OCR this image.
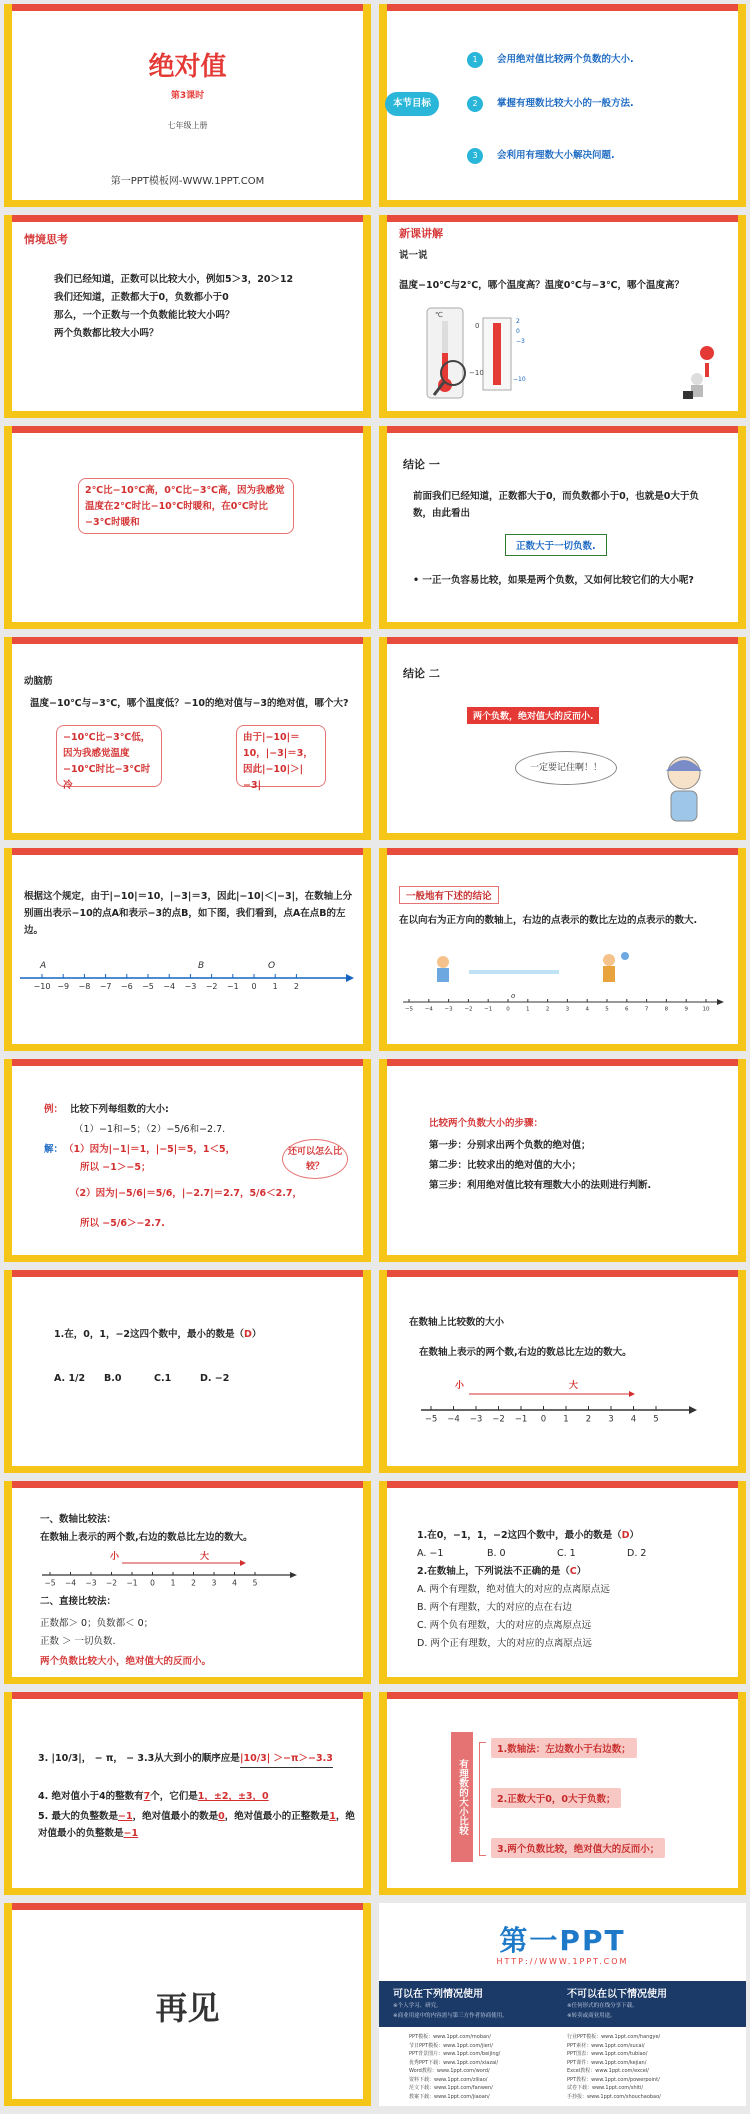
绝对值
第3课时
七年级上册
第一PPT模板网-WWW.1PPT.COM
本节目标
1	会用绝对值比较两个负数的大小.
2	掌握有理数比较大小的一般方法.
3	会利用有理数大小解决问题.
情境思考
我们已经知道，正数可以比较大小，例如5＞3，20＞12
我们还知道，正数都大于0，负数都小于0
那么，一个正数与一个负数能比较大小吗？
两个负数都比较大小吗？
新课讲解
说一说
温度−10℃与2℃，哪个温度高？温度0℃与−3℃，哪个温度高？
℃
0
−10
2
0
−3
−10
2℃比−10℃高，0℃比−3℃高，因为我感觉温度在2℃时比−10℃时暖和，在0℃时比−3℃时暖和
结论 一
前面我们已经知道，正数都大于0，而负数都小于0，也就是0大于负数，由此看出
正数大于一切负数.
• 一正一负容易比较，如果是两个负数，又如何比较它们的大小呢?
动脑筋
温度−10℃与−3℃，哪个温度低？−10的绝对值与−3的绝对值，哪个大?
−10℃比−3℃低，因为我感觉温度−10℃时比−3℃时冷
由于|−10|＝10，|−3|＝3，因此|−10|＞|−3|
结论 二
两个负数，绝对值大的反而小.
一定要记住啊！！
根据这个规定，由于|−10|＝10，|−3|＝3，因此|−10|＜|−3|，在数轴上分别画出表示−10的点A和表示−3的点B，如下图，我们看到，点A在点B的左边。
−10 −9 −8 −7 −6 −5 −4 −3 −2 −1 0 1 2
A	B	O
一般地有下述的结论
在以向右为正方向的数轴上，右边的点表示的数比左边的点表示的数大.
−5 −4 −3 −2 −1	0	1	2	3	4	5	6	7	8	9	10
o
例： 比较下列每组数的大小:
（1）−1和−5；（2）−5/6和−2.7.
解： （1）因为|−1|＝1，|−5|＝5，1＜5，
所以 −1＞−5；
（2）因为|−5/6|＝5/6，|−2.7|＝2.7，5/6＜2.7，
所以 −5/6＞−2.7.
还可以怎么比较？
比较两个负数大小的步骤：
第一步：分别求出两个负数的绝对值；
第二步：比较求出的绝对值的大小；
第三步：利用绝对值比较有理数大小的法则进行判断.
1.在，0，1，−2这四个数中，最小的数是（D）
A. 1/2 B.0	C.1	D. −2
在数轴上比较数的大小
在数轴上表示的两个数,右边的数总比左边的数大。
小	大
−5 −4 −3 −2 −1 0 1 2 3 4 5
一、数轴比较法：
在数轴上表示的两个数,右边的数总比左边的数大。
小	大
−5 −4 −3 −2 −1 0 1 2 3 4 5
二、直接比较法：
正数都＞ 0；负数都＜ 0；
正数 ＞ 一切负数.
两个负数比较大小，绝对值大的反而小。
1.在0，−1，1，−2这四个数中，最小的数是（D）
A. −1	B. 0	C. 1	D. 2
2.在数轴上，下列说法不正确的是（C）
A. 两个有理数，绝对值大的对应的点离原点远
B. 两个有理数，大的对应的点在右边
C. 两个负有理数，大的对应的点离原点远
D. 两个正有理数，大的对应的点离原点远
3. |10/3|， − π， − 3.3从大到小的顺序应是 |10/3| ＞−π＞−3.3
4. 绝对值小于4的整数有7个，它们是1，±2，±3，0
5. 最大的负整数是−1，绝对值最小的数是0，绝对值最小的正整数是1，绝对值最小的负整数是−1	有理数的大小比较
1.数轴法：左边数小于右边数；
2.正数大于0，0大于负数；
3.两个负数比较，绝对值大的反而小；
再见
第一PPT
HTTP://WWW.1PPT.COM
可以在下列情况使用	不可以在以下情况使用
※个人学习、研究。
※商业用途中的内容需与第三方作者协商使用。
※任何形式的在线分享下载。
※转卖或商业用途。
PPT模板：www.1ppt.com/moban/
节日PPT模板：www.1ppt.com/jieri/
PPT背景图片：www.1ppt.com/beijing/
优秀PPT下载：www.1ppt.com/xiazai/
Word教程：www.1ppt.com/word/
资料下载：www.1ppt.com/ziliao/
范文下载：www.1ppt.com/fanwen/
教案下载：www.1ppt.com/jiaoan/
行业PPT模板：www.1ppt.com/hangye/
PPT素材：www.1ppt.com/sucai/
PPT图表：www.1ppt.com/tubiao/
PPT课件：www.1ppt.com/kejian/
Excel教程：www.1ppt.com/excel/
PPT教程：www.1ppt.com/powerpoint/
试卷下载：www.1ppt.com/shiti/
手抄报：www.1ppt.com/shouchaobao/
